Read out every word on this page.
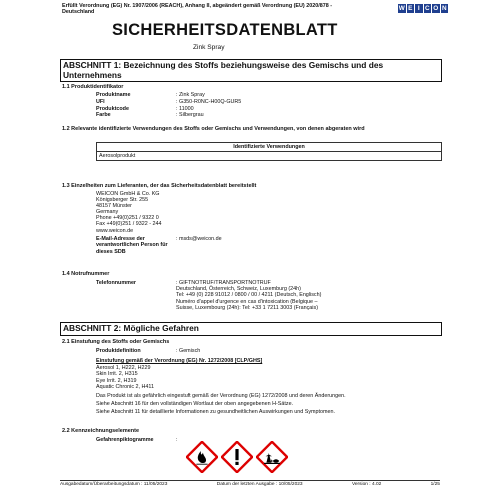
Erfüllt Verordnung (EG) Nr. 1907/2006 (REACH), Anhang II, abgeändert gemäß Verordnung (EU) 2020/878 -
Deutschland
W E I C O N
SICHERHEITSDATENBLATT
Zink Spray
ABSCHNITT 1: Bezeichnung des Stoffs beziehungsweise des Gemischs und des Unternehmens
1.1 Produktidentifikator
Produktname	: Zink Spray
UFI	: G350-R0NC-H00Q-GUR5
Produktcode	: 11000
Farbe	: Silbergrau
1.2 Relevante identifizierte Verwendungen des Stoffs oder Gemischs und Verwendungen, von denen abgeraten wird
Identifizierte Verwendungen
Aerosolprodukt
1.3 Einzelheiten zum Lieferanten, der das Sicherheitsdatenblatt bereitstellt
WEICON GmbH & Co. KG
Königsberger Str. 255
48157 Münster
Germany
Phone +49(0)251 / 9322 0
Fax +49(0)251 / 9322 - 244
www.weicon.de
E-Mail-Adresse der verantwortlichen Person für dieses SDB
: msds@weicon.de
1.4 Notrufnummer
Telefonnummer	: GIFTNOTRUF/TRANSPORTNOTRUF
Deutschland, Österreich, Schweiz, Luxemburg (24h)
Tel: +49 (0) 228 91012 / 0800 / 00 / 4211 (Deutsch, Englisch)
Numéro d'appel d'urgence en cas d'intoxication (Belgique –
Suisse, Luxembourg (24h): Tel: +33 1 7211 3003 (Français)
ABSCHNITT 2: Mögliche Gefahren
2.1 Einstufung des Stoffs oder Gemischs
Produktdefinition	: Gemisch
Einstufung gemäß der Verordnung (EG) Nr. 1272/2008 [CLP/GHS]
Aerosol 1, H222, H229
Skin Irrit. 2, H315
Eye Irrit. 2, H319
Aquatic Chronic 2, H411
Das Produkt ist als gefährlich eingestuft gemäß der Verordnung (EG) 1272/2008 und deren Änderungen.
Siehe Abschnitt 16 für den vollständigen Wortlaut der oben angegebenen H-Sätze.
Siehe Abschnitt 11 für detaillierte Informationen zu gesundheitlichen Auswirkungen und Symptomen.
2.2 Kennzeichnungselemente
Gefahrenpiktogramme	:
Ausgabedatum/Überarbeitungsdatum : 11/05/2023	Datum der letzten Ausgabe : 10/05/2023	Version : 4.02	1/25
